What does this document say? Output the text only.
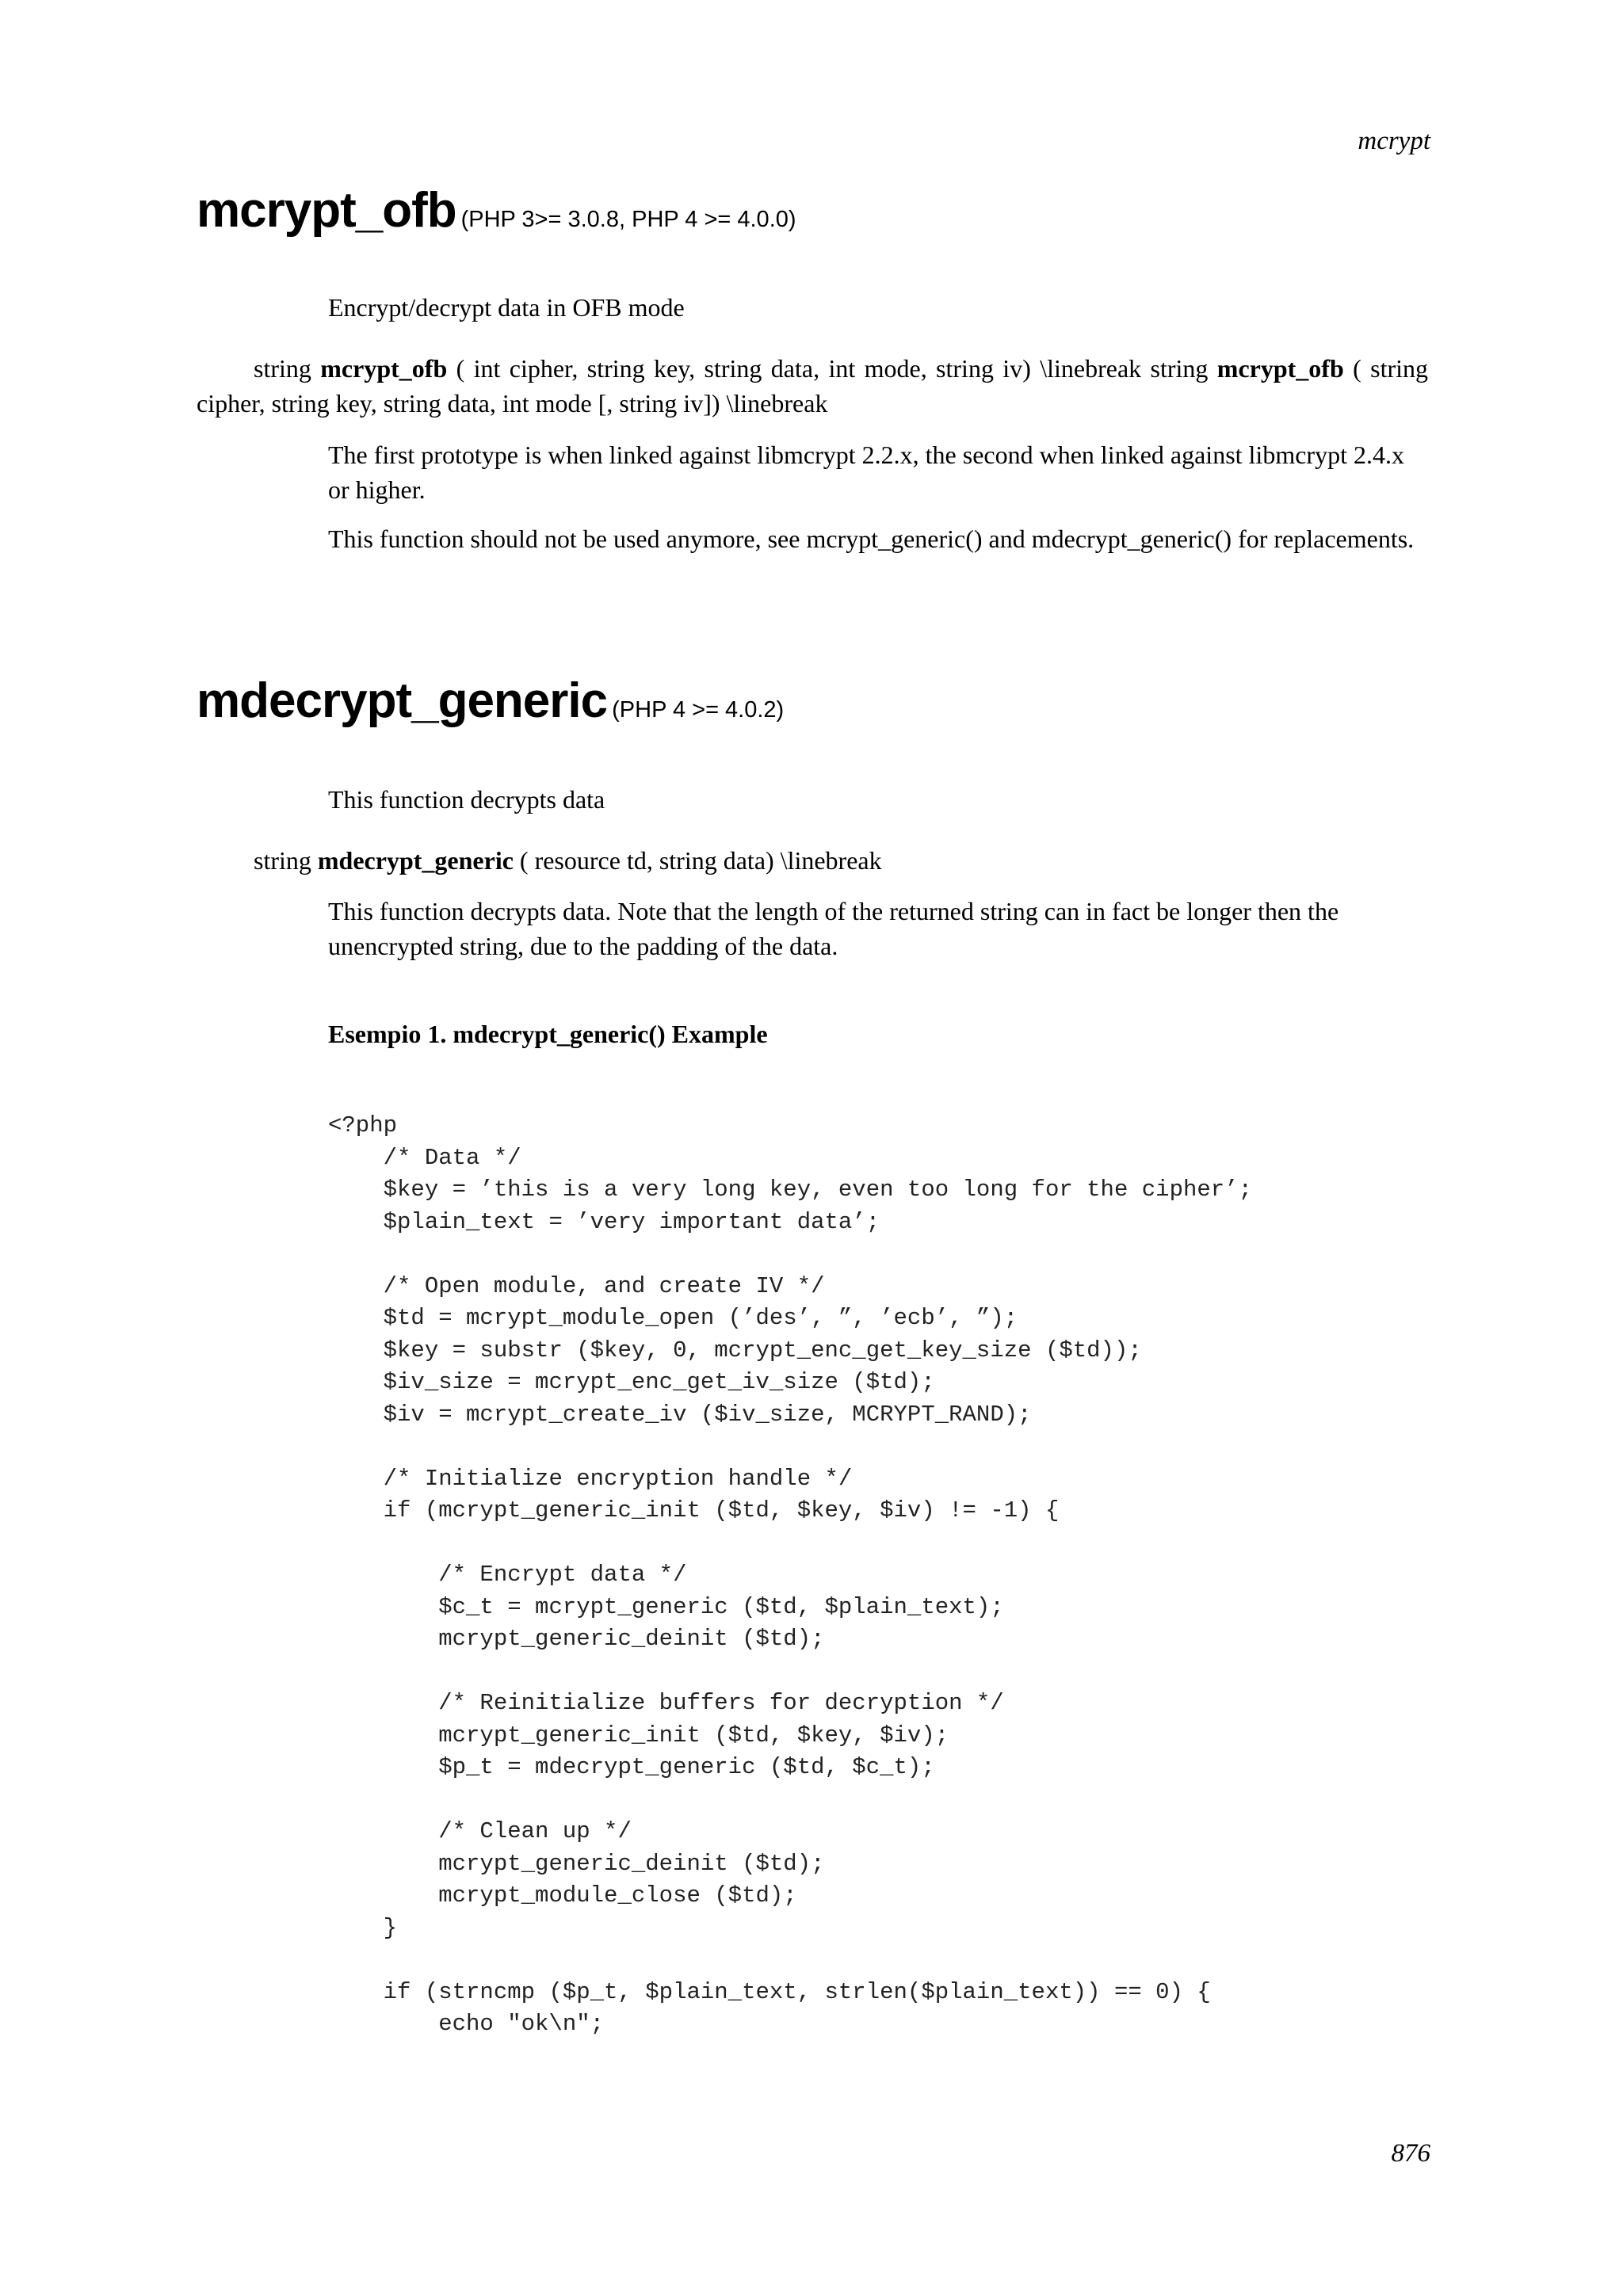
mcrypt
mcrypt_ofb (PHP 3>= 3.0.8, PHP 4 >= 4.0.0)

Encrypt/decrypt data in OFB mode

string mcrypt_ofb ( int cipher, string key, string data, int mode, string iv) \linebreak string mcrypt_ofb ( string cipher, string key, string data, int mode [, string iv]) \linebreak

The first prototype is when linked against libmcrypt 2.2.x, the second when linked against libmcrypt 2.4.x or higher.

This function should not be used anymore, see mcrypt_generic() and mdecrypt_generic() for replacements.

mdecrypt_generic (PHP 4 >= 4.0.2)

This function decrypts data

string mdecrypt_generic ( resource td, string data) \linebreak

This function decrypts data. Note that the length of the returned string can in fact be longer then the unencrypted string, due to the padding of the data.

Esempio 1. mdecrypt_generic() Example

<?php
/* Data */
$key = ’this is a very long key, even too long for the cipher’;
$plain_text = ’very important data’;

/* Open module, and create IV */
$td = mcrypt_module_open (’des’, ”, ’ecb’, ”);
$key = substr ($key, 0, mcrypt_enc_get_key_size ($td));
$iv_size = mcrypt_enc_get_iv_size ($td);
$iv = mcrypt_create_iv ($iv_size, MCRYPT_RAND);

/* Initialize encryption handle */
if (mcrypt_generic_init ($td, $key, $iv) != -1) {

/* Encrypt data */
$c_t = mcrypt_generic ($td, $plain_text);
mcrypt_generic_deinit ($td);

/* Reinitialize buffers for decryption */
mcrypt_generic_init ($td, $key, $iv);
$p_t = mdecrypt_generic ($td, $c_t);

/* Clean up */
mcrypt_generic_deinit ($td);
mcrypt_module_close ($td);
}

if (strncmp ($p_t, $plain_text, strlen($plain_text)) == 0) {
echo "ok\n";
876
